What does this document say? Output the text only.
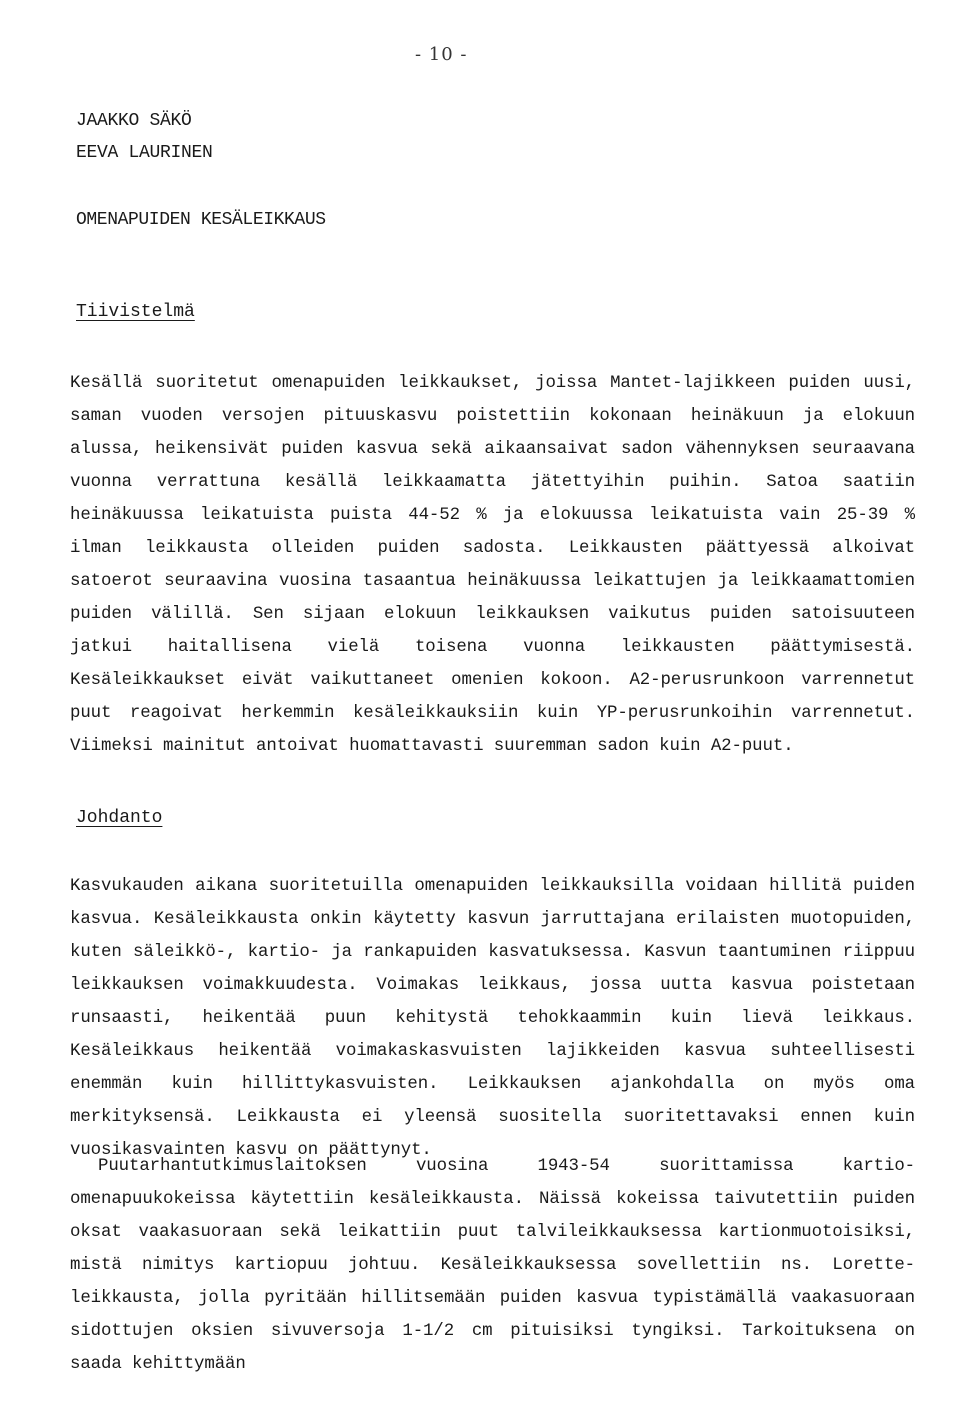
- 10 -
JAAKKO SÄKÖ
EEVA LAURINEN
OMENAPUIDEN KESÄLEIKKAUS
Tiivistelmä

Kesällä suoritetut omenapuiden leikkaukset, joissa Mantet-lajikkeen puiden uusi, saman vuoden versojen pituuskasvu poistettiin kokonaan heinäkuun ja elokuun alussa, heikensivät puiden kasvua sekä aikaansaivat sadon vähennyksen seuraavana vuonna verrattuna kesällä leikkaamatta jätettyihin puihin. Satoa saatiin heinäkuussa leikatuista puista 44-52 % ja elokuussa leikatuista vain 25-39 % ilman leikkausta olleiden puiden sadosta. Leikkausten päättyessä alkoivat satoerot seuraavina vuosina tasaantua heinäkuussa leikattujen ja leikkaamattomien puiden välillä. Sen sijaan elokuun leikkauksen vaikutus puiden satoisuuteen jatkui haitallisena vielä toisena vuonna leikkausten päättymisestä. Kesäleikkaukset eivät vaikuttaneet omenien kokoon. A2-perusrunkoon varrennetut puut reagoivat herkemmin kesäleikkauksiin kuin YP-perusrunkoihin varrennetut. Viimeksi mainitut antoivat huomattavasti suuremman sadon kuin A2-puut.

Johdanto

Kasvukauden aikana suoritetuilla omenapuiden leikkauksilla voidaan hillitä puiden kasvua. Kesäleikkausta onkin käytetty kasvun jarruttajana erilaisten muotopuiden, kuten säleikkö-, kartio- ja rankapuiden kasvatuksessa. Kasvun taantuminen riippuu leikkauksen voimakkuudesta. Voimakas leikkaus, jossa uutta kasvua poistetaan runsaasti, heikentää puun kehitystä tehokkaammin kuin lievä leikkaus. Kesäleikkaus heikentää voimakaskasvuisten lajikkeiden kasvua suhteellisesti enemmän kuin hillittykasvuisten. Leikkauksen ajankohdalla on myös oma merkityksensä. Leikkausta ei yleensä suositella suoritettavaksi ennen kuin vuosikasvainten kasvu on päättynyt.

Puutarhantutkimuslaitoksen vuosina 1943-54 suorittamissa kartio-omenapuukokeissa käytettiin kesäleikkausta. Näissä kokeissa taivutettiin puiden oksat vaakasuoraan sekä leikattiin puut talvileikkauksessa kartionmuotoisiksi, mistä nimitys kartiopuu johtuu. Kesäleikkauksessa sovellettiin ns. Lorette-leikkausta, jolla pyritään hillitsemään puiden kasvua typistämällä vaakasuoraan sidottujen oksien sivuversoja 1-1/2 cm pituisiksi tyngiksi. Tarkoituksena on saada kehittymään
